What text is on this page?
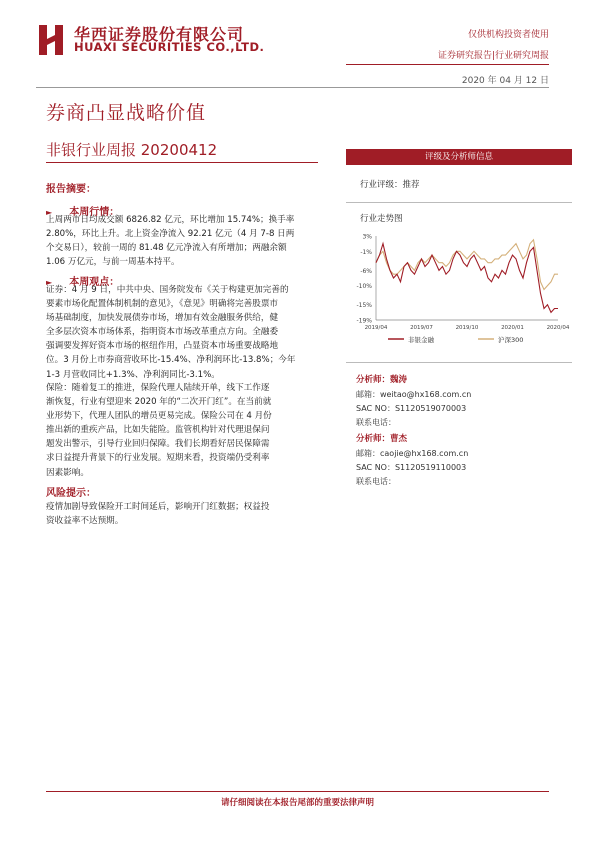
华西证券股份有限公司
HUAXI SECURITIES CO.,LTD.
仅供机构投资者使用
证券研究报告|行业研究周报
2020 年 04 月 12 日
券商凸显战略价值
非银行业周报 20200412
报告摘要：
► 本周行情：
上周两市日均成交额 6826.82 亿元，环比增加 15.74%；换手率
2.80%，环比上升。北上资金净流入 92.21 亿元（4 月 7-8 日两
个交易日），较前一周的 81.48 亿元净流入有所增加；两融余额
1.06 万亿元，与前一周基本持平。
► 本周观点：
证券：4 月 9 日，中共中央、国务院发布《关于构建更加完善的
要素市场化配置体制机制的意见》，《意见》明确将完善股票市
场基础制度，加快发展债券市场，增加有效金融服务供给，健
全多层次资本市场体系，指明资本市场改革重点方向。全融委
强调要发挥好资本市场的枢纽作用，凸显资本市场重要战略地
位。3 月份上市券商营收环比-15.4%、净利润环比-13.8%；今年
1-3 月营收同比+1.3%、净利润同比-3.1%。
保险：随着复工的推进，保险代理人陆续开单，线下工作逐
渐恢复，行业有望迎来 2020 年的“二次开门红”。在当前就
业形势下，代理人团队的增员更易完成。保险公司在 4 月份
推出新的重疾产品，比如失能险。监管机构针对代理退保问
题发出警示，引导行业回归保障。我们长期看好居民保障需
求日益提升背景下的行业发展。短期来看，投资端仍受利率
因素影响。
风险提示：
疫情加剧导致保险开工时间延后，影响开门红数据；权益投
资收益率不达预期。
评级及分析师信息
行业评级：推荐
行业走势图
3%
-1%
-6%
-10%
-15%
-19%
2019/04	2019/07	2019/10	2020/01	2020/04
非银金融	沪深300
分析师：魏涛
邮箱：weitao@hx168.com.cn
SAC NO：S1120519070003
联系电话：
分析师：曹杰
邮箱：caojie@hx168.com.cn
SAC NO：S1120519110003
联系电话：
请仔细阅读在本报告尾部的重要法律声明
